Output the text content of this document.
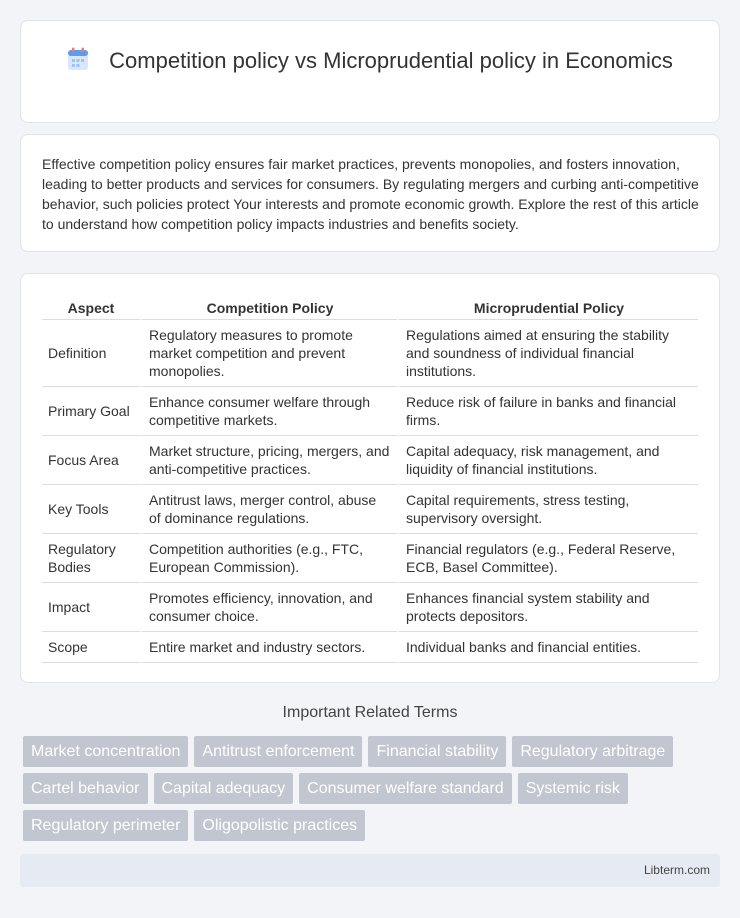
Competition policy vs Microprudential policy in Economics

Effective competition policy ensures fair market practices, prevents monopolies, and fosters innovation, leading to better products and services for consumers. By regulating mergers and curbing anti-competitive behavior, such policies protect Your interests and promote economic growth. Explore the rest of this article to understand how competition policy impacts industries and benefits society.

Aspect	Competition Policy	Microprudential Policy
Definition	Regulatory measures to promote market competition and prevent monopolies.	Regulations aimed at ensuring the stability and soundness of individual financial institutions.
Primary Goal	Enhance consumer welfare through competitive markets.	Reduce risk of failure in banks and financial firms.
Focus Area	Market structure, pricing, mergers, and anti-competitive practices.	Capital adequacy, risk management, and liquidity of financial institutions.
Key Tools	Antitrust laws, merger control, abuse of dominance regulations.	Capital requirements, stress testing, supervisory oversight.
Regulatory Bodies	Competition authorities (e.g., FTC, European Commission).	Financial regulators (e.g., Federal Reserve, ECB, Basel Committee).
Impact	Promotes efficiency, innovation, and consumer choice.	Enhances financial system stability and protects depositors.
Scope	Entire market and industry sectors.	Individual banks and financial entities.
Important Related Terms
Market concentration	Antitrust enforcement	Financial stability	Regulatory arbitrage
Cartel behavior	Capital adequacy	Consumer welfare standard	Systemic risk
Regulatory perimeter	Oligopolistic practices
Libterm.com
